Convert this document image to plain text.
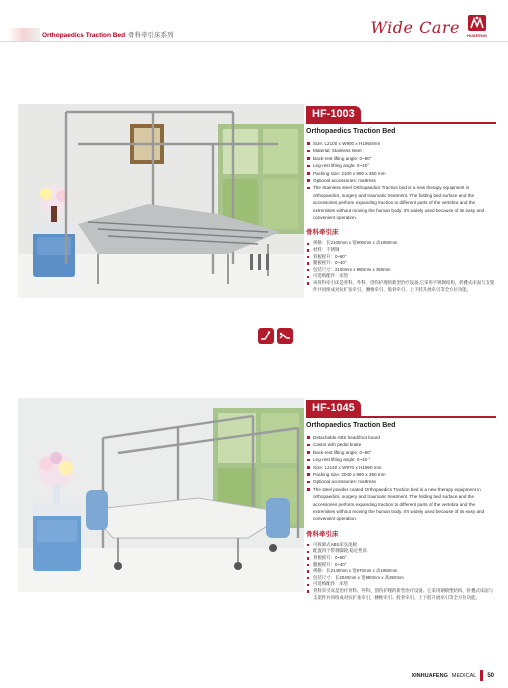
Orthopaedics Traction Bed 骨科牵引床系列	Wide Care HUAFENG
HF-1003
Orthopaedics Traction Bed
Size: L2100 x W900 x H1950mm
Material: Stainless steel
Back-rest lifting angle: 0~80°
Leg-rest lifting angle: 0~40°
Packing size: 2100 x 980 x 350 mm
Optional accessories: mattress
The Stainless steel Orthopaedics Traction bed is a new therapy equipment in orthopaedics, surgery and traumatic treatment. The folding bed surface and the accessories perform expanding traction to different parts of the vertebra and the extremities without moving the human body. It's widely used because of its easy and convenient operation.
骨科牵引床
规格：长2100mm x 宽900mm x 高1950mm
材料：不锈钢
背板摇升：0~80°
腿板摇升：0~40°
包装尺寸：2100mm x 980mm x 350mm
可选购配件：床垫
该骨科牵引床是骨科、外科、创伤护理的新型治疗设备,它采用不锈钢结构，折叠式床面与支架件共同组成对抗扩张牵引，腰椎牵引、股骨牵引、上下肢升展牵引等全方位功能。
HF-1045
Orthopaedics Traction Bed
Detachable ABS head/foot board
Castor with pedal brake
Back-rest lifting angle: 0~80°
Leg-rest lifting angle: 0~40 °
Size: L2140 x W970 x H1950 mm
Packing size: 2040 x 980 x 350 mm
Optional accessories: mattress
The steel powder coated Orthopaedics Traction bed is a new therapy equipment in orthopaedics, surgery and traumatic treatment. The folding bed surface and the accessories perform expanding traction to different parts of the vertebra and the extremities without moving the human body. It's widely used because of its easy and convenient operation.
骨科牵引床
可拆卸式ABS床头尾板
配置四个带刹脚轮,稳定性高
背板摇升：0~80°
腿板摇升：0~40°
规格：长2140mm x 宽970mm x 高1950mm
包装尺寸：长2040mm x 宽980mm x 高350mm
可选购配件：床垫
骨科牵引床是治疗骨科、外科、创伤护理的新型治疗设备。它采用钢喷塑结构，折叠式床面与支架件共同组成对抗扩张牵引，腰椎牵引、股骨牵引、上下肢升展牵引等全方位功能。
XINHUAFENG MEDICAL 50
